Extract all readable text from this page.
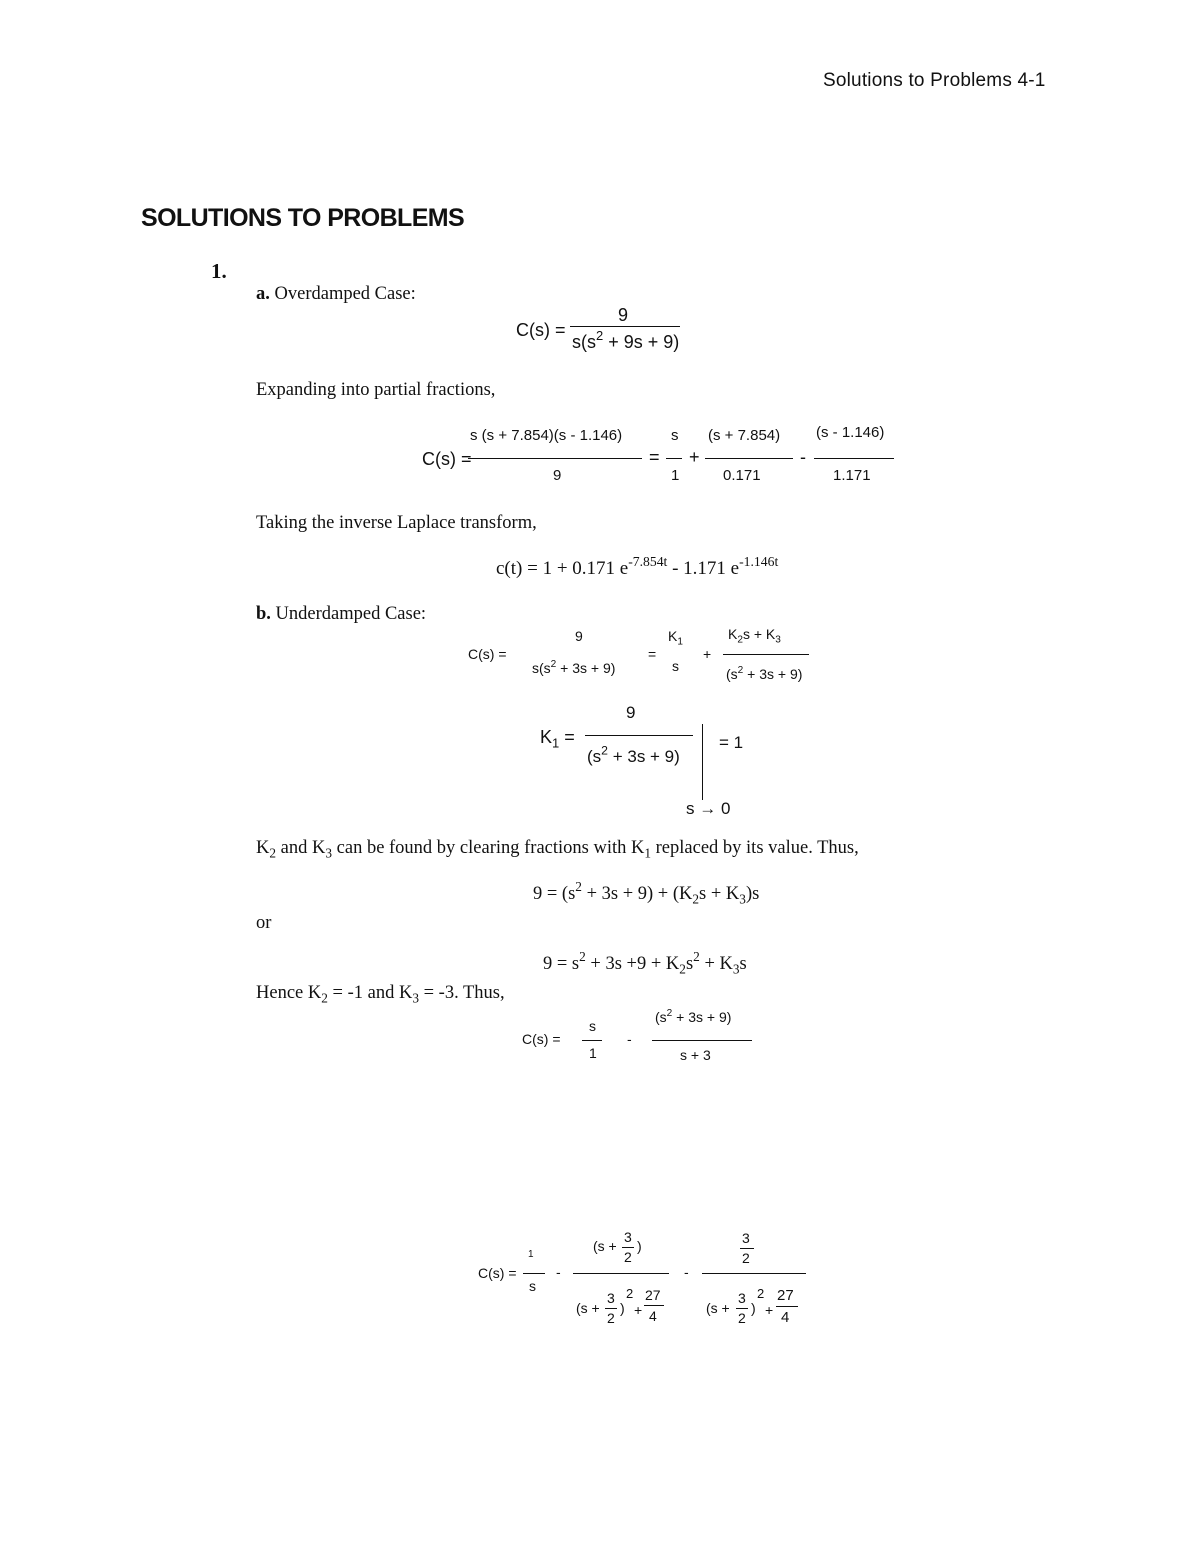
Solutions to Problems 4-1
SOLUTIONS TO PROBLEMS
1.
a. Overdamped Case:
C(s) =
9
$s(s^2 + 9s + 9)$
Expanding into partial fractions,
C(s) =
s (s + 7.854)(s - 1.146)
9
=
s
1
+
(s + 7.854)
0.171
-
(s - 1.146)
1.171
Taking the inverse Laplace transform,
c(t) = 1 + 0.171 $e^{-7.854t} - 1.171$ $e^{-1.146t}$
b. Underdamped Case:
C(s) =
9
$s(s^2 + 3s + 9)$
=
$K_1$
s
+
$K_2s + K_3$
$(s^2 + 3s + 9)$
$K_1$ =
9
$(s^2 + 3s + 9)$
= 1
s → 0
$K_2$ and $K_3$ can be found by clearing fractions with $K_1$ replaced by its value. Thus,
$9 = (s^2 + 3s + 9) + (K_2s + K_3)s$
or
$9 = s^2 + 3s +9 + K_2s^2 + K_3s$
Hence $K_2 = -1$ and $K_3 = -3$. Thus,
C(s) =
s
1
-
$(s^2 + 3s + 9)$
s + 3
C(s) =
1
s
-
(s +
3
2
)
(s +
3
2
)
2
+
27
4
-
3
2
(s +
3
2
)
2
+
27
4
